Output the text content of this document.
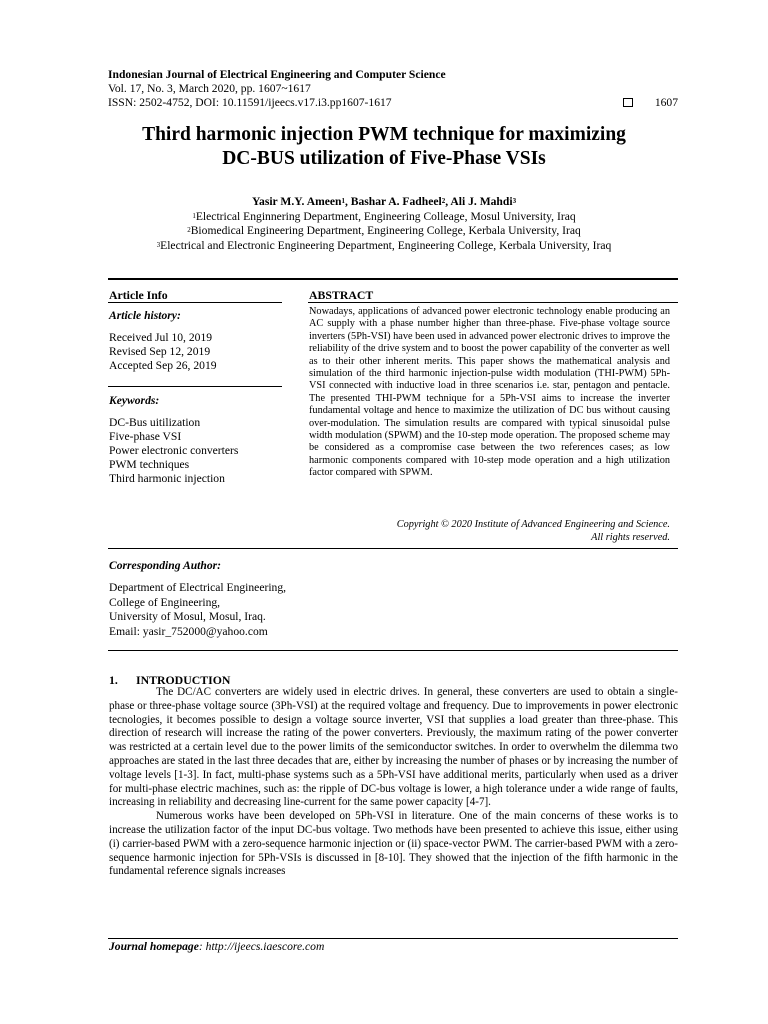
Indonesian Journal of Electrical Engineering and Computer Science
Vol. 17, No. 3, March 2020, pp. 1607~1617
ISSN: 2502-4752, DOI: 10.11591/ijeecs.v17.i3.pp1607-1617	1607
Third harmonic injection PWM technique for maximizing
DC-BUS utilization of Five-Phase VSIs
Yasir M.Y. Ameen$^1$, Bashar A. Fadheel$^2$, Ali J. Mahdi$^3$
$^1$Electrical Enginnering Department, Engineering Colleage, Mosul University, Iraq
$^2$Biomedical Engineering Department, Engineering College, Kerbala University, Iraq
$^3$Electrical and Electronic Engineering Department, Engineering College, Kerbala University, Iraq
Article Info	ABSTRACT
Article history:
Received Jul 10, 2019
Revised Sep 12, 2019
Accepted Sep 26, 2019
Keywords:
DC-Bus uitilization
Five-phase VSI
Power electronic converters
PWM techniques
Third harmonic injection
Nowadays, applications of advanced power electronic technology enable producing an AC supply with a phase number higher than three-phase. Five-phase voltage source inverters (5Ph-VSI) have been used in advanced power electronic drives to improve the reliability of the drive system and to boost the power capability of the converter as well as to their other inherent merits. This paper shows the mathematical analysis and simulation of the third harmonic injection-pulse width modulation (THI-PWM) 5Ph-VSI connected with inductive load in three scenarios i.e. star, pentagon and pentacle. The presented THI-PWM technique for a 5Ph-VSI aims to increase the inverter fundamental voltage and hence to maximize the utilization of DC bus without causing over-modulation. The simulation results are compared with typical sinusoidal pulse width modulation (SPWM) and the 10-step mode operation. The proposed scheme may be considered as a compromise case between the two references cases; as low harmonic components compared with 10-step mode operation and a high utilization factor compared with SPWM.
Copyright © 2020 Institute of Advanced Engineering and Science.
All rights reserved.
Corresponding Author:
Department of Electrical Engineering,
College of Engineering,
University of Mosul, Mosul, Iraq.
Email: yasir_752000@yahoo.com
1. INTRODUCTION

The DC/AC converters are widely used in electric drives. In general, these converters are used to obtain a single-phase or three-phase voltage source (3Ph-VSI) at the required voltage and frequency. Due to improvements in power electronic tecnologies, it becomes possible to design a voltage source inverter, VSI that supplies a load greater than three-phase. This direction of research will increase the rating of the power converters. Previously, the maximum rating of the power converter was restricted at a certain level due to the power limits of the semiconductor switches. In order to overwhelm the dilemma two approaches are stated in the last three decades that are, either by increasing the number of phases or by increasing the number of voltage levels [1-3]. In fact, multi-phase systems such as a 5Ph-VSI have additional merits, particularly when used as a driver for multi-phase electric machines, such as: the ripple of DC-bus voltage is lower, a high tolerance under a wide range of faults, increasing in reliability and decreasing line-current for the same power capacity [4-7].

Numerous works have been developed on 5Ph-VSI in literature. One of the main concerns of these works is to increase the utilization factor of the input DC-bus voltage. Two methods have been presented to achieve this issue, either using (i) carrier-based PWM with a zero-sequence harmonic injection or (ii) space-vector PWM. The carrier-based PWM with a zero-sequence harmonic injection for 5Ph-VSIs is discussed in [8-10]. They showed that the injection of the fifth harmonic in the fundamental reference signals increases

Journal homepage: http://ijeecs.iaescore.com
